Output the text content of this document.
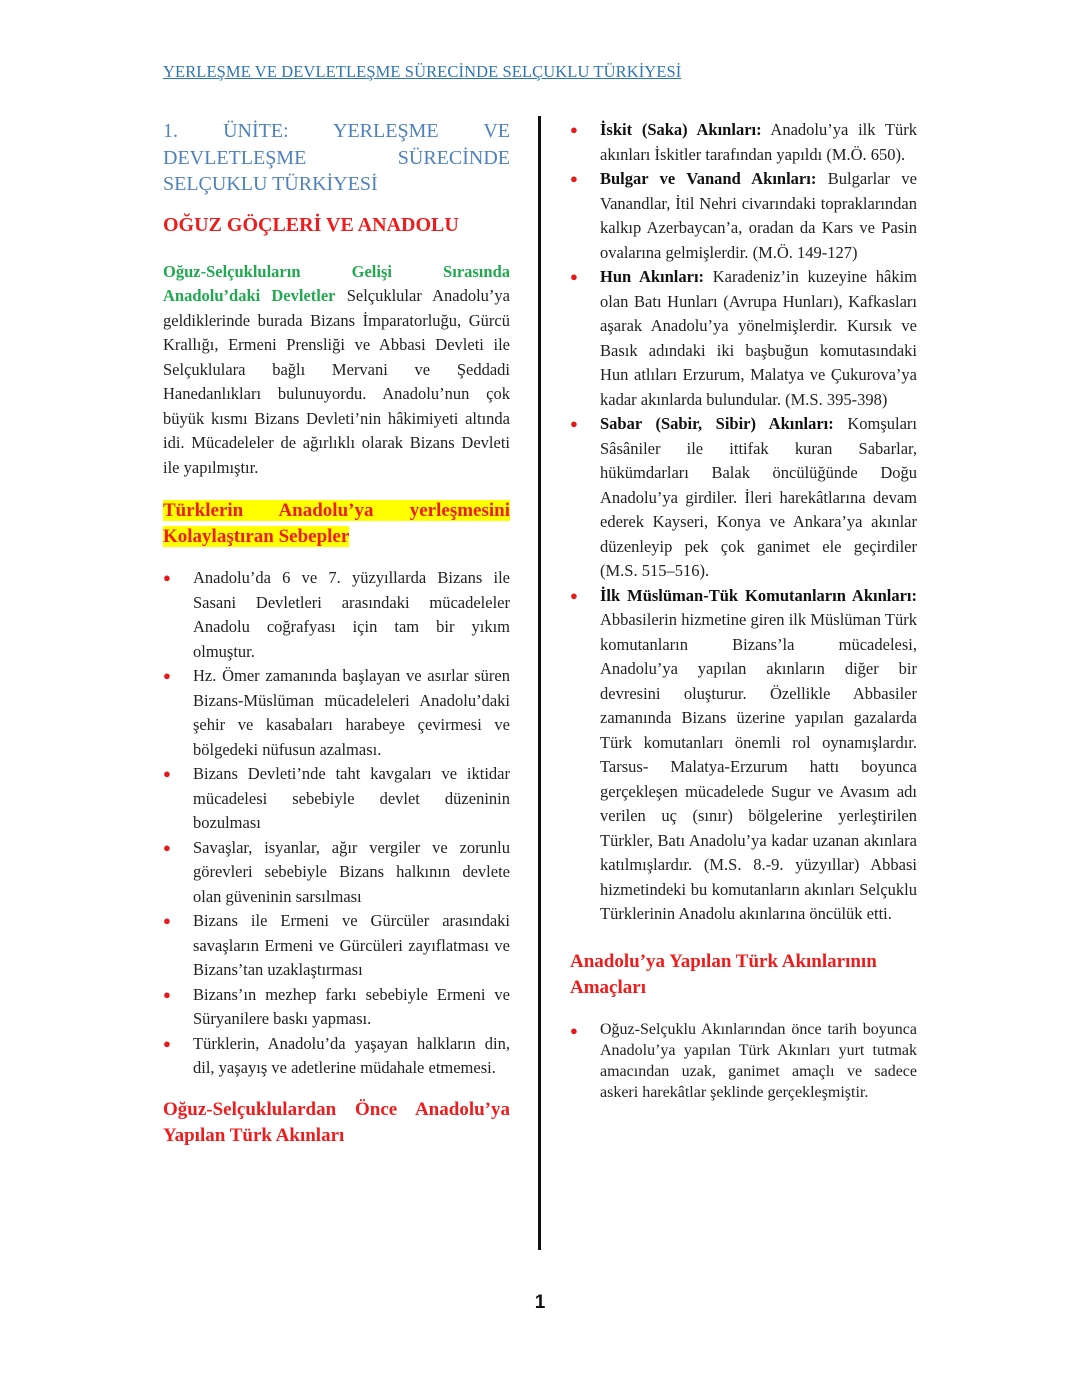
YERLEŞME VE DEVLETLEŞME SÜRECİNDE SELÇUKLU TÜRKİYESİ

1. ÜNİTE: YERLEŞME VE DEVLETLEŞME SÜRECİNDE SELÇUKLU TÜRKİYESİ

OĞUZ GÖÇLERİ VE ANADOLU

Oğuz-Selçukluların Gelişi Sırasında Anadolu’daki Devletler Selçuklular Anadolu’ya geldiklerinde burada Bizans İmparatorluğu, Gürcü Krallığı, Ermeni Prensliği ve Abbasi Devleti ile Selçuklulara bağlı Mervani ve Şeddadi Hanedanlıkları bulunuyordu. Anadolu’nun çok büyük kısmı Bizans Devleti’nin hâkimiyeti altında idi. Mücadeleler de ağırlıklı olarak Bizans Devleti ile yapılmıştır.

Türklerin Anadolu’ya yerleşmesini Kolaylaştıran Sebepler
● Anadolu’da 6 ve 7. yüzyıllarda Bizans ile Sasani Devletleri arasındaki mücadeleler Anadolu coğrafyası için tam bir yıkım olmuştur.
● Hz. Ömer zamanında başlayan ve asırlar süren Bizans-Müslüman mücadeleleri Anadolu’daki şehir ve kasabaları harabeye çevirmesi ve bölgedeki nüfusun azalması.
● Bizans Devleti’nde taht kavgaları ve iktidar mücadelesi sebebiyle devlet düzeninin bozulması
● Savaşlar, isyanlar, ağır vergiler ve zorunlu görevleri sebebiyle Bizans halkının devlete olan güveninin sarsılması
● Bizans ile Ermeni ve Gürcüler arasındaki savaşların Ermeni ve Gürcüleri zayıflatması ve Bizans’tan uzaklaştırması
● Bizans’ın mezhep farkı sebebiyle Ermeni ve Süryanilere baskı yapması.
● Türklerin, Anadolu’da yaşayan halkların din, dil, yaşayış ve adetlerine müdahale etmemesi.

Oğuz-Selçuklulardan Önce Anadolu’ya Yapılan Türk Akınları

● İskit (Saka) Akınları: Anadolu’ya ilk Türk akınları İskitler tarafından yapıldı (M.Ö. 650).
● Bulgar ve Vanand Akınları: Bulgarlar ve Vanandlar, İtil Nehri civarındaki topraklarından kalkıp Azerbaycan’a, oradan da Kars ve Pasin ovalarına gelmişlerdir. (M.Ö. 149-127)
● Hun Akınları: Karadeniz’in kuzeyine hâkim olan Batı Hunları (Avrupa Hunları), Kafkasları aşarak Anadolu’ya yönelmişlerdir. Kursık ve Basık adındaki iki başbuğun komutasındaki Hun atlıları Erzurum, Malatya ve Çukurova’ya kadar akınlarda bulundular. (M.S. 395-398)
● Sabar (Sabir, Sibir) Akınları: Komşuları Sâsâniler ile ittifak kuran Sabarlar, hükümdarları Balak öncülüğünde Doğu Anadolu’ya girdiler. İleri harekâtlarına devam ederek Kayseri, Konya ve Ankara’ya akınlar düzenleyip pek çok ganimet ele geçirdiler (M.S. 515–516).
● İlk Müslüman-Tük Komutanların Akınları: Abbasilerin hizmetine giren ilk Müslüman Türk komutanların Bizans’la mücadelesi, Anadolu’ya yapılan akınların diğer bir devresini oluşturur. Özellikle Abbasiler zamanında Bizans üzerine yapılan gazalarda Türk komutanları önemli rol oynamışlardır. Tarsus- Malatya-Erzurum hattı boyunca gerçekleşen mücadelede Sugur ve Avasım adı verilen uç (sınır) bölgelerine yerleştirilen Türkler, Batı Anadolu’ya kadar uzanan akınlara katılmışlardır. (M.S. 8.-9. yüzyıllar) Abbasi hizmetindeki bu komutanların akınları Selçuklu Türklerinin Anadolu akınlarına öncülük etti.

Anadolu’ya Yapılan Türk Akınlarının Amaçları

● Oğuz-Selçuklu Akınlarından önce tarih boyunca Anadolu’ya yapılan Türk Akınları yurt tutmak amacından uzak, ganimet amaçlı ve sadece askeri harekâtlar şeklinde gerçekleşmiştir.
1
